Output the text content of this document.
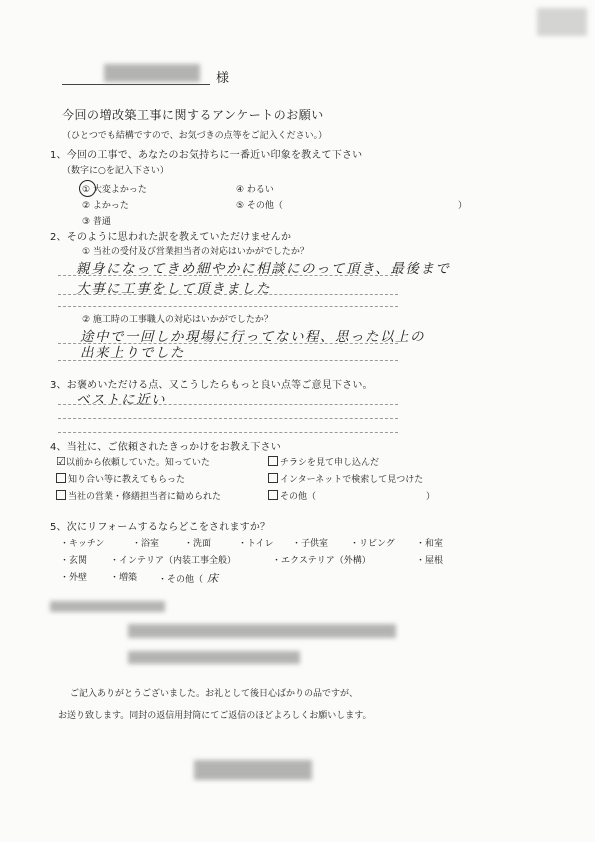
様
今回の増改築工事に関するアンケートのお願い
（ひとつでも結構ですので、お気づきの点等をご記入ください。）
1、今回の工事で、あなたのお気持ちに一番近い印象を教えて下さい
（数字に○を記入下さい）
① 大変よかった
② よかった
③ 普通
④ わるい
⑤ その他（	）
2、そのように思われた訳を教えていただけませんか
① 当社の受付及び営業担当者の対応はいかがでしたか？
親身になってきめ細やかに相談にのって頂き、最後まで
大事に工事をして頂きました
② 施工時の工事職人の対応はいかがでしたか？
途中で一回しか現場に行ってない程、思った以上の
出来上りでした
3、お褒めいただける点、又こうしたらもっと良い点等ご意見下さい。
ベストに近い
4、当社に、ご依頼されたきっかけをお教え下さい
☑以前から依頼していた。知っていた
知り合い等に教えてもらった
当社の営業・修繕担当者に勧められた
チラシを見て申し込んだ
インターネットで検索して見つけた
その他（	）
5、次にリフォームするならどこをされますか？
・キッチン	・浴室	・洗面	・トイレ ・子供室 ・リビング ・和室
・玄関	・インテリア（内装工事全般）	・エクステリア（外構）	・屋根
・外壁	・増築 ・その他（ 床
ご記入ありがとうございました。お礼として後日心ばかりの品ですが、
お送り致します。同封の返信用封筒にてご返信のほどよろしくお願いします。
